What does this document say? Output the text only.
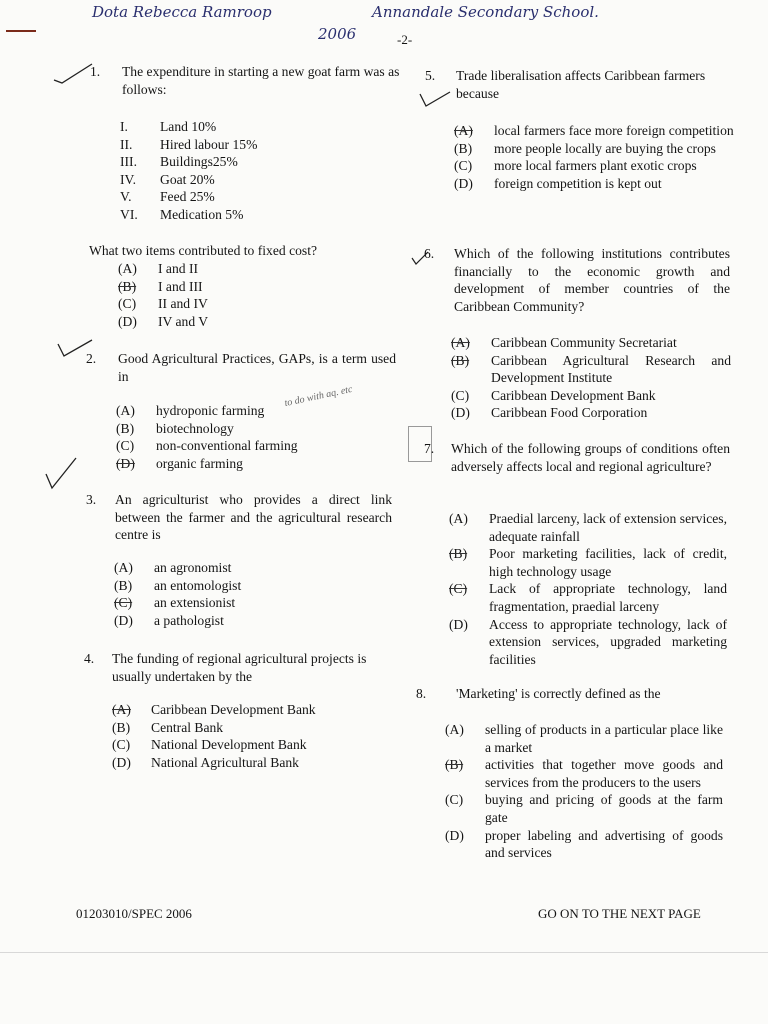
Dota Rebecca Ramroop	Annandale Secondary School.
2006	-2-
1. The expenditure in starting a new goat farm was as follows:
I. Land 10%
II. Hired labour 15%
III. Buildings25%
IV. Goat 20%
V. Feed 25%
VI. Medication 5%
What two items contributed to fixed cost?
(A) I and II
(B) I and III
(C) II and IV
(D) IV and V
2. Good Agricultural Practices, GAPs, is a term used in
(A) hydroponic farming
(B) biotechnology
(C) non-conventional farming
(D) organic farming
to do with aq. etc
3. An agriculturist who provides a direct link between the farmer and the agricultural research centre is
(A) an agronomist
(B) an entomologist
(C) an extensionist
(D) a pathologist
4. The funding of regional agricultural projects is usually undertaken by the
(A) Caribbean Development Bank
(B) Central Bank
(C) National Development Bank
(D) National Agricultural Bank
5. Trade liberalisation affects Caribbean farmers because
(A) local farmers face more foreign competition
(B) more people locally are buying the crops
(C) more local farmers plant exotic crops
(D) foreign competition is kept out
6. Which of the following institutions contributes financially to the economic growth and development of member countries of the Caribbean Community?
(A) Caribbean Community Secretariat
(B) Caribbean Agricultural Research and Development Institute
(C) Caribbean Development Bank
(D) Caribbean Food Corporation
7. Which of the following groups of conditions often adversely affects local and regional agriculture?
(A) Praedial larceny, lack of extension services, adequate rainfall
(B) Poor marketing facilities, lack of credit, high technology usage
(C) Lack of appropriate technology, land fragmentation, praedial larceny
(D) Access to appropriate technology, lack of extension services, upgraded marketing facilities
8. 'Marketing' is correctly defined as the
(A) selling of products in a particular place like a market
(B) activities that together move goods and services from the producers to the users
(C) buying and pricing of goods at the farm gate
(D) proper labeling and advertising of goods and services
01203010/SPEC 2006	GO ON TO THE NEXT PAGE
